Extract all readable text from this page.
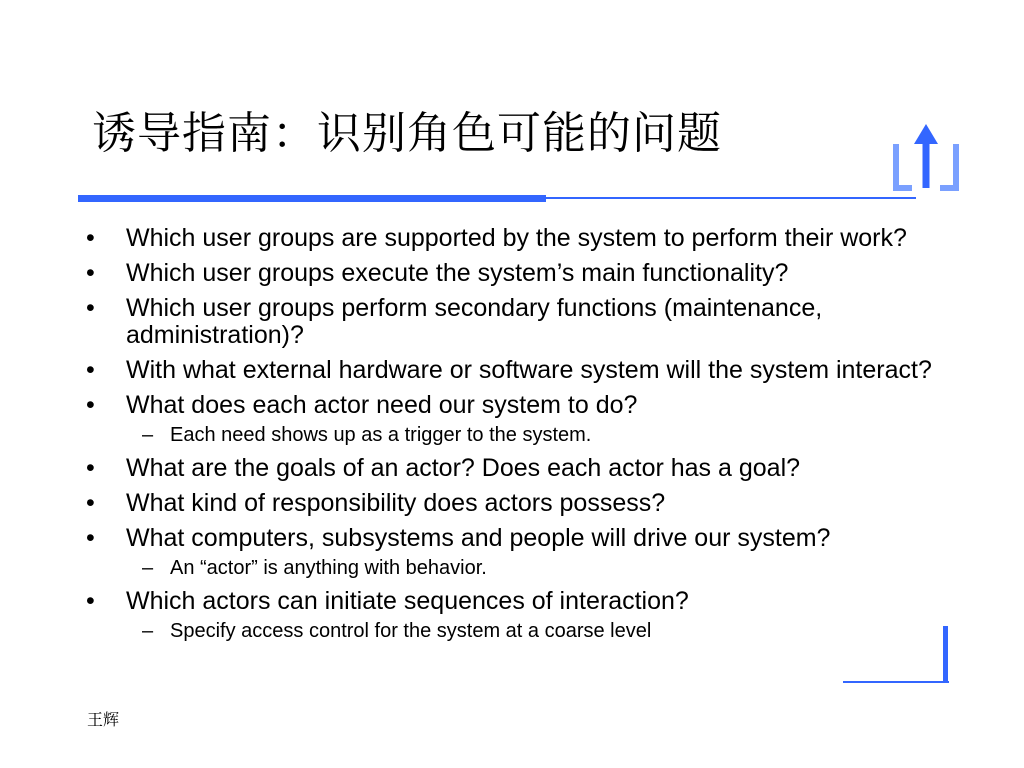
诱导指南：识别角色可能的问题
• Which user groups are supported by the system to perform their work?
• Which user groups execute the system’s main functionality?
• Which user groups perform secondary functions (maintenance, administration)?
• With what external hardware or software system will the system interact?
• What does each actor need our system to do?
– Each need shows up as a trigger to the system.
• What are the goals of an actor? Does each actor has a goal?
• What kind of responsibility does actors possess?
• What computers, subsystems and people will drive our system?
– An “actor” is anything with behavior.
• Which actors can initiate sequences of interaction?
– Specify access control for the system at a coarse level
王辉
